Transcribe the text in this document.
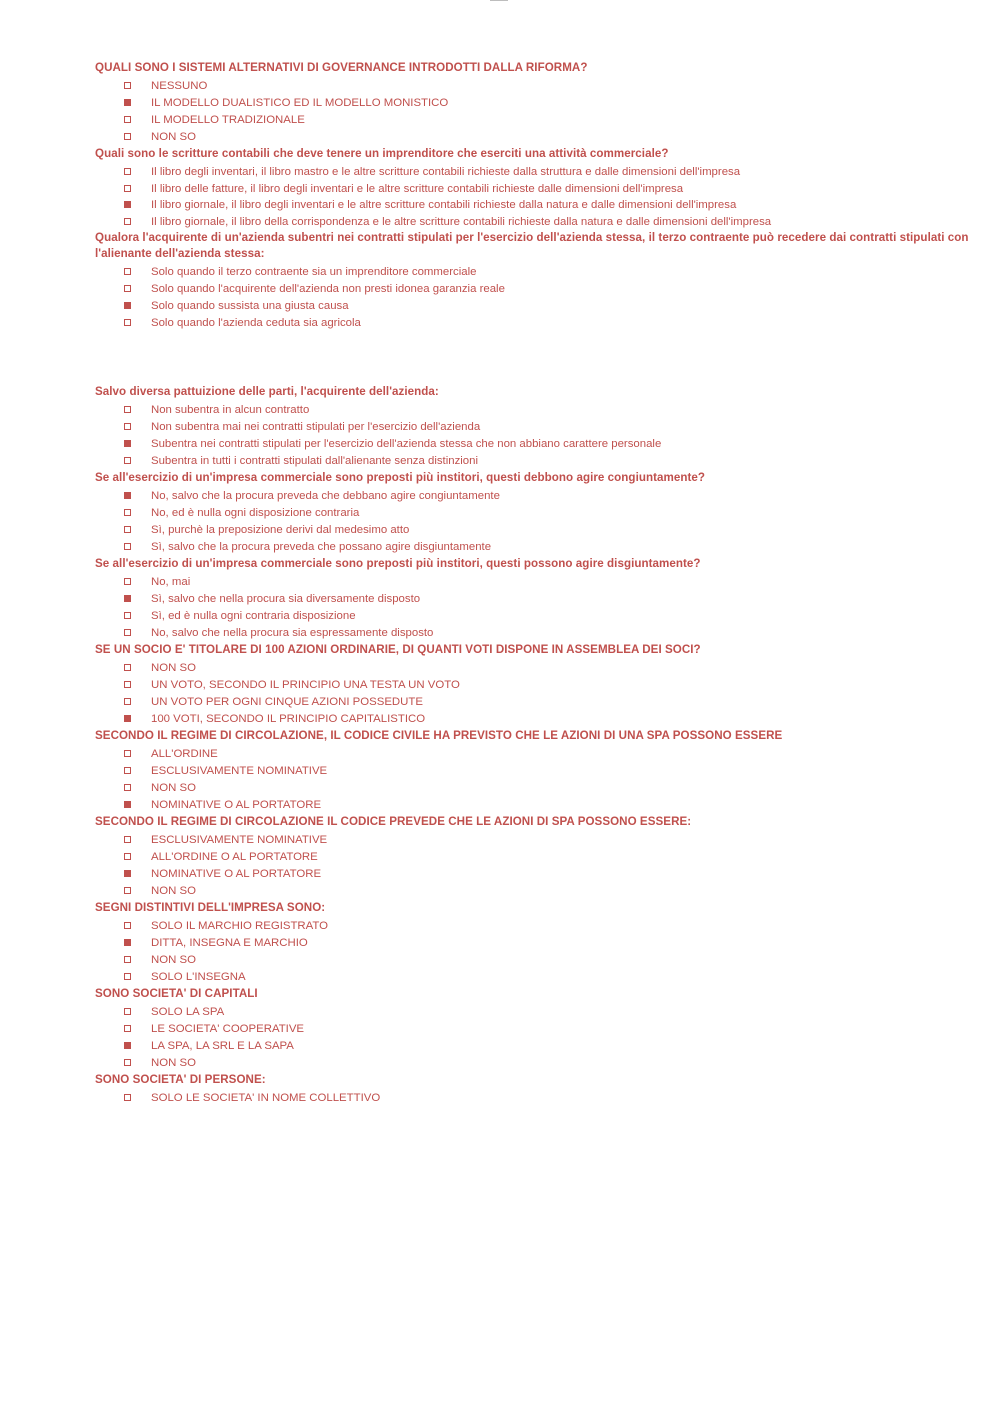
QUALI SONO I SISTEMI ALTERNATIVI DI GOVERNANCE INTRODOTTI DALLA RIFORMA?
NESSUNO
IL MODELLO DUALISTICO ED IL MODELLO MONISTICO
IL MODELLO TRADIZIONALE
NON SO
Quali sono le scritture contabili che deve tenere un imprenditore che eserciti una attività commerciale?
Il libro degli inventari, il libro mastro e le altre scritture contabili richieste dalla struttura e dalle dimensioni dell'impresa
Il libro delle fatture, il libro degli inventari e le altre scritture contabili richieste dalle dimensioni dell'impresa
Il libro giornale, il libro degli inventari e le altre scritture contabili richieste dalla natura e dalle dimensioni dell'impresa
Il libro giornale, il libro della corrispondenza e le altre scritture contabili richieste dalla natura e dalle dimensioni dell'impresa
Qualora l'acquirente di un'azienda subentri nei contratti stipulati per l'esercizio dell'azienda stessa, il terzo contraente può recedere dai contratti stipulati con l'alienante dell'azienda stessa:
Solo quando il terzo contraente sia un imprenditore commerciale
Solo quando l'acquirente dell'azienda non presti idonea garanzia reale
Solo quando sussista una giusta causa
Solo quando l'azienda ceduta sia agricola
Salvo diversa pattuizione delle parti, l'acquirente dell'azienda:
Non subentra in alcun contratto
Non subentra mai nei contratti stipulati per l'esercizio dell'azienda
Subentra nei contratti stipulati per l'esercizio dell'azienda stessa che non abbiano carattere personale
Subentra in tutti i contratti stipulati dall'alienante senza distinzioni
Se all'esercizio di un'impresa commerciale sono preposti più institori, questi debbono agire congiuntamente?
No, salvo che la procura preveda che debbano agire congiuntamente
No, ed è nulla ogni disposizione contraria
Sì, purchè la preposizione derivi dal medesimo atto
Sì, salvo che la procura preveda che possano agire disgiuntamente
Se all'esercizio di un'impresa commerciale sono preposti più institori, questi possono agire disgiuntamente?
No, mai
Sì, salvo che nella procura sia diversamente disposto
Sì, ed è nulla ogni contraria disposizione
No, salvo che nella procura sia espressamente disposto
SE UN SOCIO E' TITOLARE DI 100 AZIONI ORDINARIE, DI QUANTI VOTI DISPONE IN ASSEMBLEA DEI SOCI?
NON SO
UN VOTO, SECONDO IL PRINCIPIO UNA TESTA UN VOTO
UN VOTO PER OGNI CINQUE AZIONI POSSEDUTE
100 VOTI, SECONDO IL PRINCIPIO CAPITALISTICO
SECONDO IL REGIME DI CIRCOLAZIONE, IL CODICE CIVILE HA PREVISTO CHE LE AZIONI DI UNA SPA POSSONO ESSERE
ALL'ORDINE
ESCLUSIVAMENTE NOMINATIVE
NON SO
NOMINATIVE O AL PORTATORE
SECONDO IL REGIME DI CIRCOLAZIONE IL CODICE PREVEDE CHE LE AZIONI DI SPA POSSONO ESSERE:
ESCLUSIVAMENTE NOMINATIVE
ALL'ORDINE O AL PORTATORE
NOMINATIVE O AL PORTATORE
NON SO
SEGNI DISTINTIVI DELL'IMPRESA SONO:
SOLO IL MARCHIO REGISTRATO
DITTA, INSEGNA E MARCHIO
NON SO
SOLO L'INSEGNA
SONO SOCIETA' DI CAPITALI
SOLO LA SPA
LE SOCIETA' COOPERATIVE
LA SPA, LA SRL E LA SAPA
NON SO
SONO SOCIETA' DI PERSONE:
SOLO LE SOCIETA' IN NOME COLLETTIVO
